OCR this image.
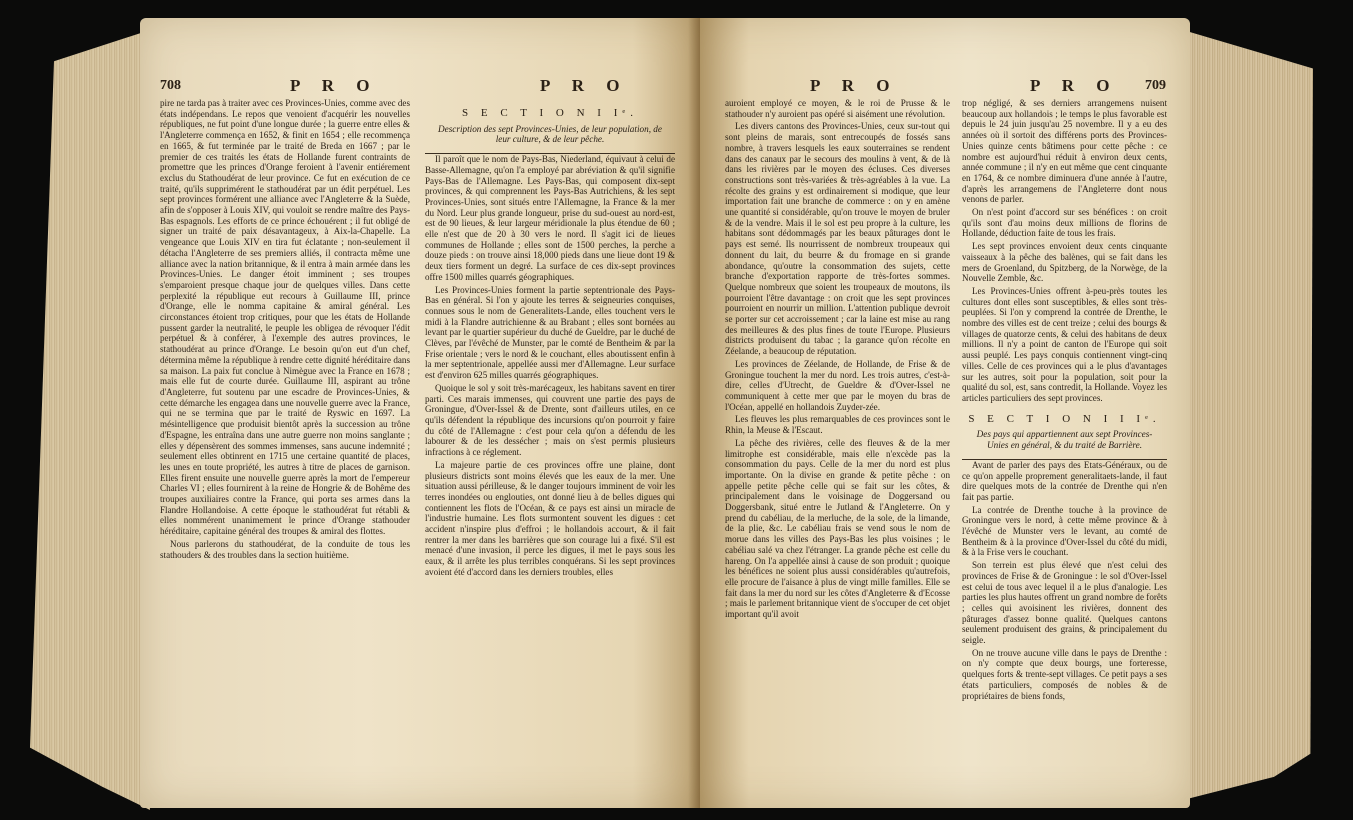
708	P R O	P R O

pire ne tarda pas à traiter avec ces Provinces-Unies, comme avec des états indépendans. Le repos que venoient d'acquérir les nouvelles républiques, ne fut point d'une longue durée ; la guerre entre elles & l'Angleterre commença en 1652, & finit en 1654 ; elle recommença en 1665, & fut terminée par le traité de Breda en 1667 ; par le premier de ces traités les états de Hollande furent contraints de promettre que les princes d'Orange feroient à l'avenir entiérement exclus du Stathoudérat de leur province. Ce fut en exécution de ce traité, qu'ils supprimérent le stathoudérat par un édit perpétuel. Les sept provinces formérent une alliance avec l'Angleterre & la Suède, afin de s'opposer à Louis XIV, qui vouloit se rendre maître des Pays-Bas espagnols. Les efforts de ce prince échouérent ; il fut obligé de signer un traité de paix désavantageux, à Aix-la-Chapelle. La vengeance que Louis XIV en tira fut éclatante ; non-seulement il détacha l'Angleterre de ses premiers alliés, il contracta même une alliance avec la nation britannique, & il entra à main armée dans les Provinces-Unies. Le danger étoit imminent ; ses troupes s'emparoient presque chaque jour de quelques villes. Dans cette perplexité la république eut recours à Guillaume III, prince d'Orange, elle le nomma capitaine & amiral général. Les circonstances étoient trop critiques, pour que les états de Hollande pussent garder la neutralité, le peuple les obligea de révoquer l'édit perpétuel & à conférer, à l'exemple des autres provinces, le stathoudérat au prince d'Orange. Le besoin qu'on eut d'un chef, détermina même la république à rendre cette dignité héréditaire dans sa maison. La paix fut conclue à Nimègue avec la France en 1678 ; mais elle fut de courte durée. Guillaume III, aspirant au trône d'Angleterre, fut soutenu par une escadre de Provinces-Unies, & cette démarche les engagea dans une nouvelle guerre avec la France, qui ne se termina que par le traité de Ryswic en 1697. La mésintelligence que produisit bientôt après la succession au trône d'Espagne, les entraîna dans une autre guerre non moins sanglante ; elles y dépensèrent des sommes immenses, sans aucune indemnité ; seulement elles obtinrent en 1715 une certaine quantité de places, les unes en toute propriété, les autres à titre de places de garnison. Elles firent ensuite une nouvelle guerre après la mort de l'empereur Charles VI ; elles fournirent à la reine de Hongrie & de Bohême des troupes auxiliaires contre la France, qui porta ses armes dans la Flandre Hollandoise. A cette époque le stathoudérat fut rétabli & elles nommérent unanimement le prince d'Orange stathouder héréditaire, capitaine général des troupes & amiral des flottes.

Nous parlerons du stathoudérat, de la conduite de tous les stathouders & des troubles dans la section huitième.

S E C T I O N I Iᵉ.
Description des sept Provinces-Unies, de leur population, de leur culture, & de leur pêche.

Il paroît que le nom de Pays-Bas, Niederland, équivaut à celui de Basse-Allemagne, qu'on l'a employé par abréviation & qu'il signifie Pays-Bas de l'Allemagne. Les Pays-Bas, qui composent dix-sept provinces, & qui comprennent les Pays-Bas Autrichiens, & les sept Provinces-Unies, sont situés entre l'Allemagne, la France & la mer du Nord. Leur plus grande longueur, prise du sud-ouest au nord-est, est de 90 lieues, & leur largeur méridionale la plus étendue de 60 ; elle n'est que de 20 à 30 vers le nord. Il s'agit ici de lieues communes de Hollande ; elles sont de 1500 perches, la perche a douze pieds : on trouve ainsi 18,000 pieds dans une lieue dont 19 & deux tiers forment un degré. La surface de ces dix-sept provinces offre 1500 milles quarrés géographiques.

Les Provinces-Unies forment la partie septentrionale des Pays-Bas en général. Si l'on y ajoute les terres & seigneuries conquises, connues sous le nom de Generalitets-Lande, elles touchent vers le midi à la Flandre autrichienne & au Brabant ; elles sont bornées au levant par le quartier supérieur du duché de Gueldre, par le duché de Clèves, par l'évêché de Munster, par le comté de Bentheim & par la Frise orientale ; vers le nord & le couchant, elles aboutissent enfin à la mer septentrionale, appellée aussi mer d'Allemagne. Leur surface est d'environ 625 milles quarrés géographiques.

Quoique le sol y soit très-marécageux, les habitans savent en tirer parti. Ces marais immenses, qui couvrent une partie des pays de Groningue, d'Over-Issel & de Drente, sont d'ailleurs utiles, en ce qu'ils défendent la république des incursions qu'on pourroit y faire du côté de l'Allemagne : c'est pour cela qu'on a défendu de les labourer & de les dessécher ; mais on s'est permis plusieurs infractions à ce réglement.

La majeure partie de ces provinces offre une plaine, dont plusieurs districts sont moins élevés que les eaux de la mer. Une situation aussi périlleuse, & le danger toujours imminent de voir les terres inondées ou englouties, ont donné lieu à de belles digues qui contiennent les flots de l'Océan, & ce pays est ainsi un miracle de l'industrie humaine. Les flots surmontent souvent les digues : cet accident n'inspire plus d'effroi ; le hollandois accourt, & il fait rentrer la mer dans les barrières que son courage lui a fixé. S'il est menacé d'une invasion, il perce les digues, il met le pays sous les eaux, & il arrête les plus terribles conquérans. Si les sept provinces avoient été d'accord dans les derniers troubles, elles

P R O	P R O 709

auroient employé ce moyen, & le roi de Prusse & le stathouder n'y auroient pas opéré si aisément une révolution.

Les divers cantons des Provinces-Unies, ceux sur-tout qui sont pleins de marais, sont entrecoupés de fossés sans nombre, à travers lesquels les eaux souterraines se rendent dans des canaux par le secours des moulins à vent, & de là dans les rivières par le moyen des écluses. Ces diverses constructions sont très-variées & très-agréables à la vue. La récolte des grains y est ordinairement si modique, que leur importation fait une branche de commerce : on y en amène une quantité si considérable, qu'on trouve le moyen de bruler & de la vendre. Mais il le sol est peu propre à la culture, les habitans sont dédommagés par les beaux pâturages dont le pays est semé. Ils nourrissent de nombreux troupeaux qui donnent du lait, du beurre & du fromage en si grande abondance, qu'outre la consommation des sujets, cette branche d'exportation rapporte de très-fortes sommes. Quelque nombreux que soient les troupeaux de moutons, ils pourroient l'être davantage : on croit que les sept provinces pourroient en nourrir un million. L'attention publique devroit se porter sur cet accroissement ; car la laine est mise au rang des meilleures & des plus fines de toute l'Europe. Plusieurs districts produisent du tabac ; la garance qu'on récolte en Zéelande, a beaucoup de réputation.

Les provinces de Zéelande, de Hollande, de Frise & de Groningue touchent la mer du nord. Les trois autres, c'est-à-dire, celles d'Utrecht, de Gueldre & d'Over-Issel ne communiquent à cette mer que par le moyen du bras de l'Océan, appellé en hollandois Zuyder-zée.

Les fleuves les plus remarquables de ces provinces sont le Rhin, la Meuse & l'Escaut.

La pêche des rivières, celle des fleuves & de la mer limitrophe est considérable, mais elle n'excède pas la consommation du pays. Celle de la mer du nord est plus importante. On la divise en grande & petite pêche : on appelle petite pêche celle qui se fait sur les côtes, & principalement dans le voisinage de Doggersand ou Doggersbank, situé entre le Jutland & l'Angleterre. On y prend du cabéliau, de la merluche, de la sole, de la limande, de la plie, &c. Le cabéliau frais se vend sous le nom de morue dans les villes des Pays-Bas les plus voisines ; le cabéliau salé va chez l'étranger. La grande pêche est celle du hareng. On l'a appellée ainsi à cause de son produit ; quoique les bénéfices ne soient plus aussi considérables qu'autrefois, elle procure de l'aisance à plus de vingt mille familles. Elle se fait dans la mer du nord sur les côtes d'Angleterre & d'Ecosse ; mais le parlement britannique vient de s'occuper de cet objet important qu'il avoit

trop négligé, & ses derniers arrangemens nuisent beaucoup aux hollandois ; le temps le plus favorable est depuis le 24 juin jusqu'au 25 novembre. Il y a eu des années où il sortoit des différens ports des Provinces-Unies quinze cents bâtimens pour cette pêche : ce nombre est aujourd'hui réduit à environ deux cents, année commune ; il n'y en eut même que cent cinquante en 1764, & ce nombre diminuera d'une année à l'autre, d'après les arrangemens de l'Angleterre dont nous venons de parler.

On n'est point d'accord sur ses bénéfices : on croit qu'ils sont d'au moins deux millions de florins de Hollande, déduction faite de tous les frais.

Les sept provinces envoient deux cents cinquante vaisseaux à la pêche des balènes, qui se fait dans les mers de Groenland, du Spitzberg, de la Norwège, de la Nouvelle Zemble, &c.

Les Provinces-Unies offrent à-peu-près toutes les cultures dont elles sont susceptibles, & elles sont très-peuplées. Si l'on y comprend la contrée de Drenthe, le nombre des villes est de cent treize ; celui des bourgs & villages de quatorze cents, & celui des habitans de deux millions. Il n'y a point de canton de l'Europe qui soit aussi peuplé. Les pays conquis contiennent vingt-cinq villes. Celle de ces provinces qui a le plus d'avantages sur les autres, soit pour la population, soit pour la qualité du sol, est, sans contredit, la Hollande. Voyez les articles particuliers des sept provinces.

S E C T I O N I I Iᵉ.
Des pays qui appartiennent aux sept Provinces-Unies en général, & du traité de Barrière.

Avant de parler des pays des Etats-Généraux, ou de ce qu'on appelle proprement generalitaets-lande, il faut dire quelques mots de la contrée de Drenthe qui n'en fait pas partie.

La contrée de Drenthe touche à la province de Groningue vers le nord, à cette même province & à l'évêché de Munster vers le levant, au comté de Bentheim & à la province d'Over-Issel du côté du midi, & à la Frise vers le couchant.

Son terrein est plus élevé que n'est celui des provinces de Frise & de Groningue : le sol d'Over-Issel est celui de tous avec lequel il a le plus d'analogie. Les parties les plus hautes offrent un grand nombre de forêts ; celles qui avoisinent les rivières, donnent des pâturages d'assez bonne qualité. Quelques cantons seulement produisent des grains, & principalement du seigle.

On ne trouve aucune ville dans le pays de Drenthe : on n'y compte que deux bourgs, une forteresse, quelques forts & trente-sept villages. Ce petit pays a ses états particuliers, composés de nobles & de propriétaires de biens fonds,
